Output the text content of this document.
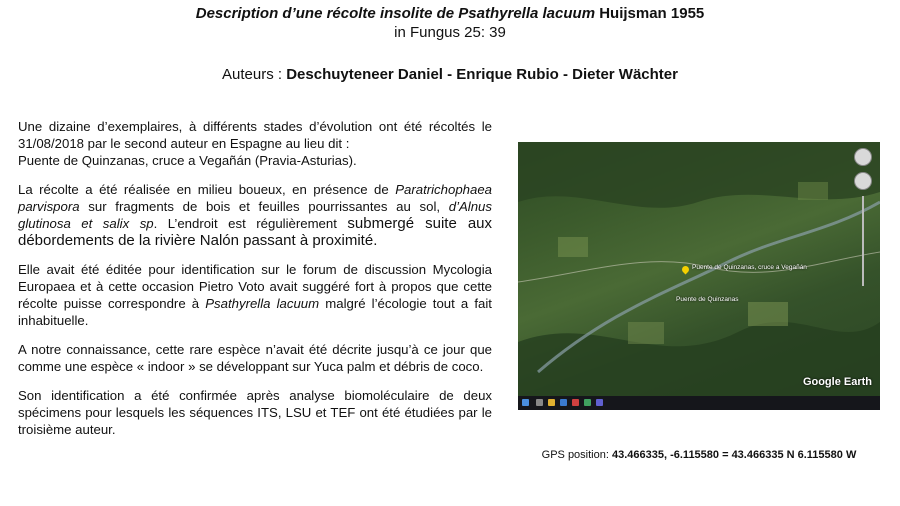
Description d’une récolte insolite de Psathyrella lacuum Huijsman 1955
in Fungus 25: 39
Auteurs : Deschuyteneer Daniel - Enrique Rubio - Dieter Wächter

Une dizaine d’exemplaires, à différents stades d’évolution ont été récoltés le 31/08/2018 par le second auteur en Espagne au lieu dit :
Puente de Quinzanas, cruce a Vegañán (Pravia-Asturias).

La récolte a été réalisée en milieu boueux, en présence de Paratrichophaea parvispora sur fragments de bois et feuilles pourrissantes au sol, d’Alnus glutinosa et salix sp. L’endroit est régulièrement submergé suite aux débordements de la rivière Nalón passant à proximité.

Elle avait été éditée pour identification sur le forum de discussion Mycologia Europaea et à cette occasion Pietro Voto avait suggéré fort à propos que cette récolte puisse correspondre à Psathyrella lacuum malgré l’écologie tout a fait inhabituelle.

A notre connaissance, cette rare espèce n’avait été décrite jusqu’à ce jour que comme une espèce « indoor » se développant sur Yuca palm et débris de coco.

Son identification a été confirmée après analyse biomoléculaire de deux spécimens pour lesquels les séquences ITS, LSU et TEF ont été étudiées par le troisième auteur.

Puente de Quinzanas, cruce a Vegañán
Puente de Quinzanas
Google Earth
GPS position: 43.466335, -6.115580 = 43.466335 N 6.115580 W
